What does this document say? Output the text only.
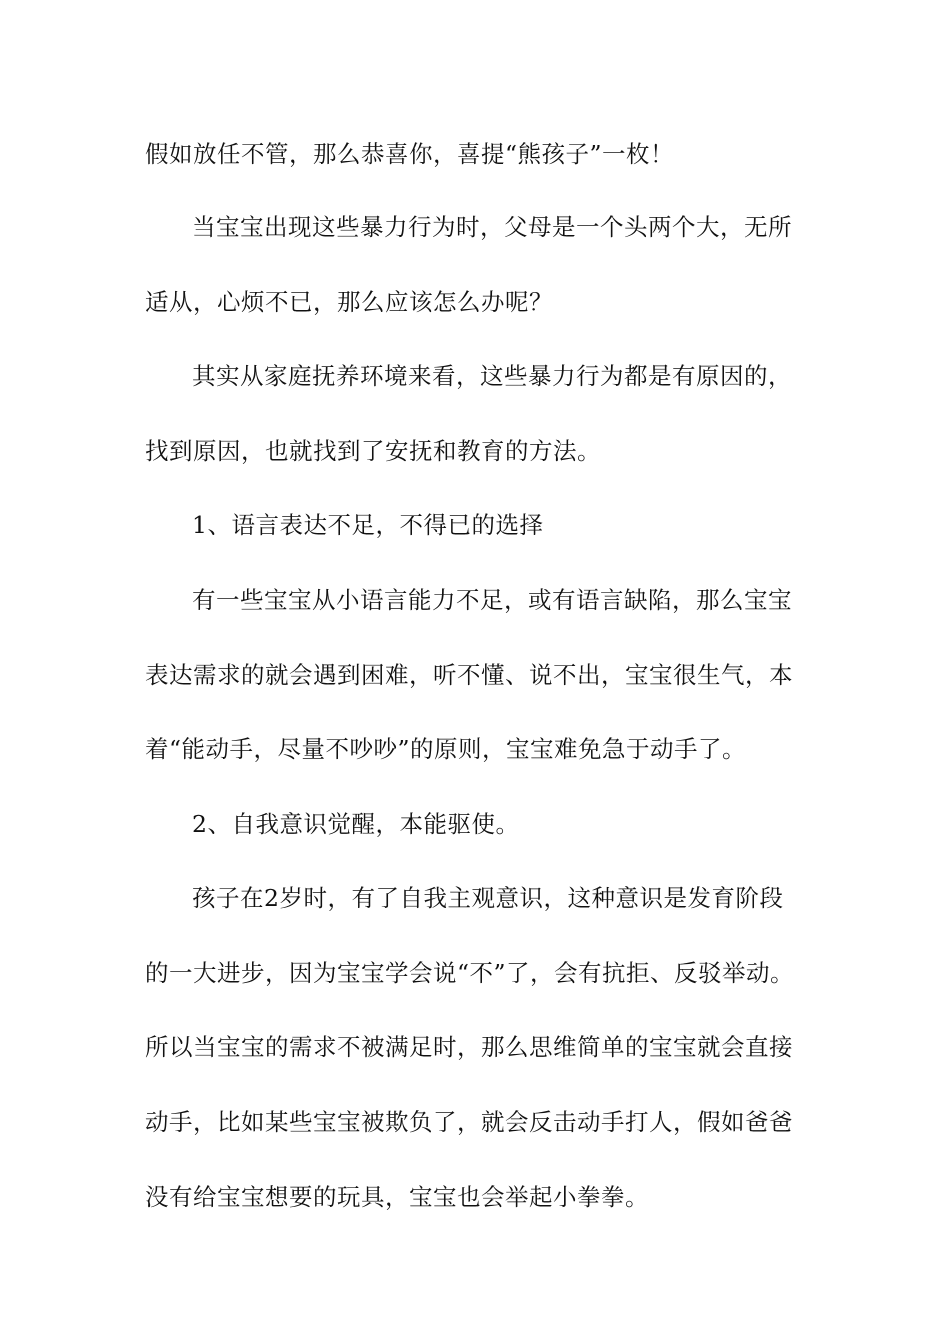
假如放任不管，那么恭喜你，喜提“熊孩子”一枚！
当宝宝出现这些暴力行为时，父母是一个头两个大，无所
适从，心烦不已，那么应该怎么办呢？
其实从家庭抚养环境来看，这些暴力行为都是有原因的，
找到原因，也就找到了安抚和教育的方法。
1、语言表达不足，不得已的选择
有一些宝宝从小语言能力不足，或有语言缺陷，那么宝宝
表达需求的就会遇到困难，听不懂、说不出，宝宝很生气，本
着“能动手，尽量不吵吵”的原则，宝宝难免急于动手了。
2、自我意识觉醒，本能驱使。
孩子在2岁时，有了自我主观意识，这种意识是发育阶段
的一大进步，因为宝宝学会说“不”了，会有抗拒、反驳举动。
所以当宝宝的需求不被满足时，那么思维简单的宝宝就会直接
动手，比如某些宝宝被欺负了，就会反击动手打人，假如爸爸
没有给宝宝想要的玩具，宝宝也会举起小拳拳。
